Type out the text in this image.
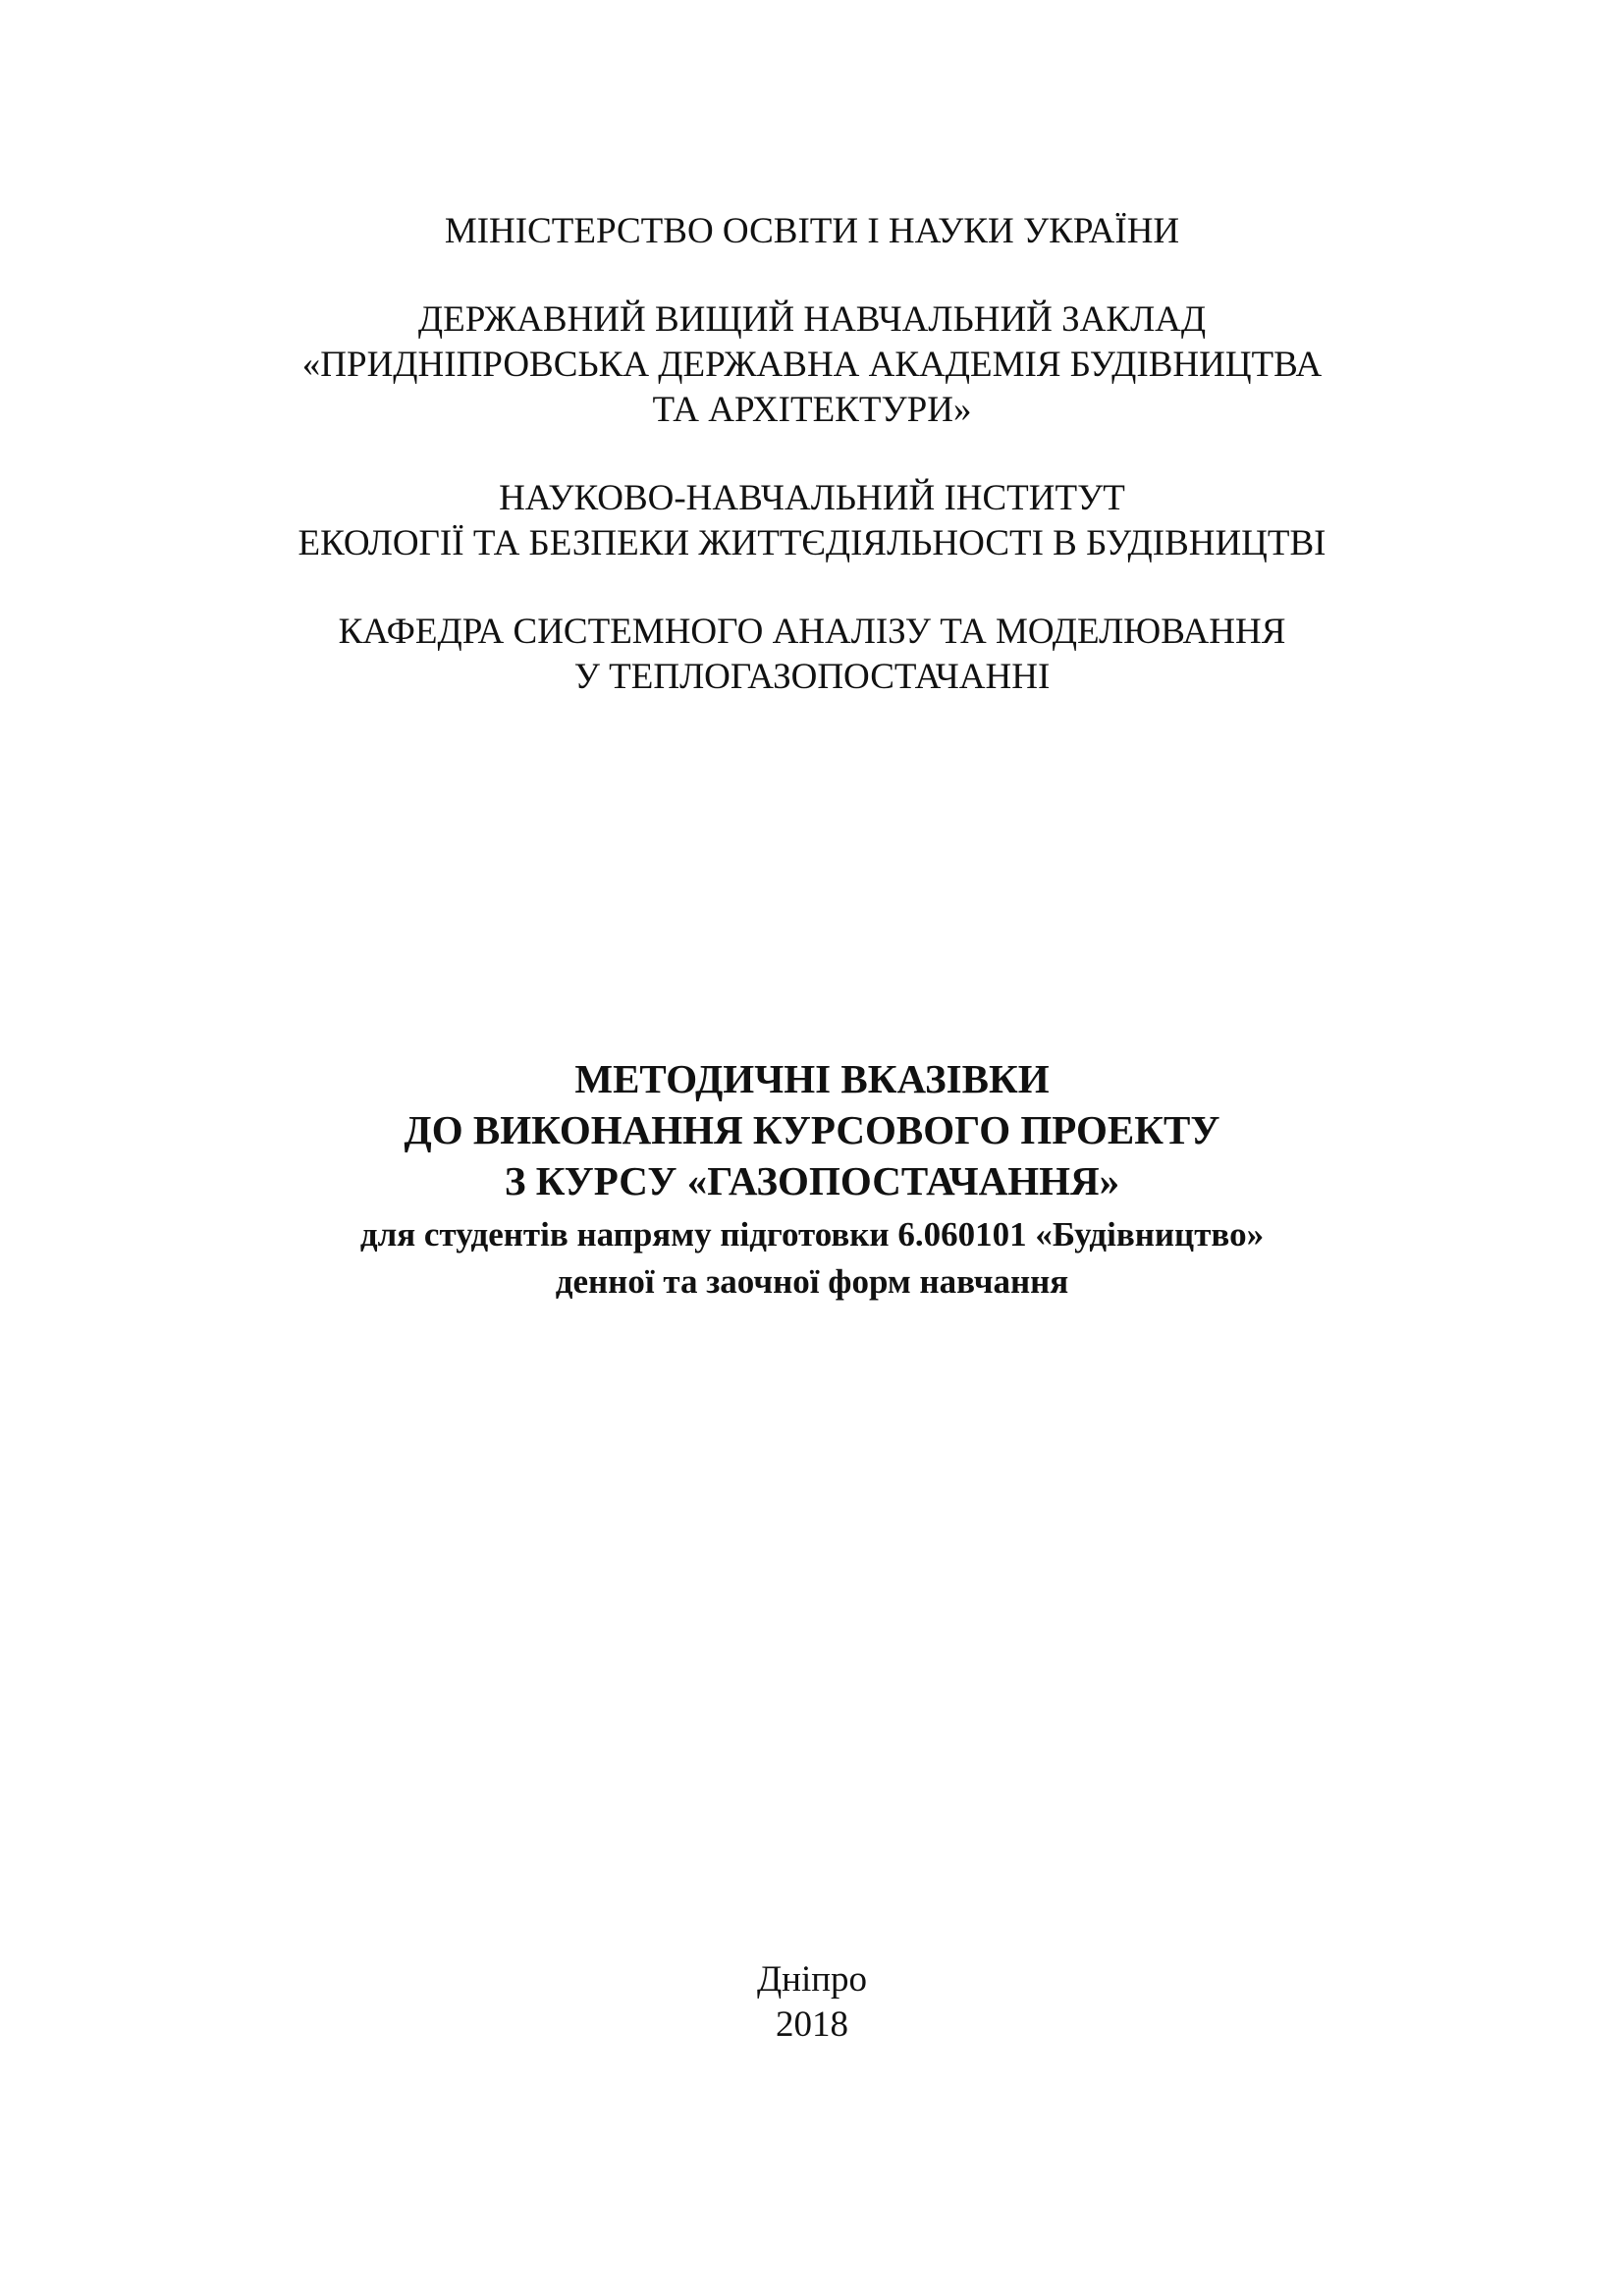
МІНІСТЕРСТВО ОСВІТИ І НАУКИ УКРАЇНИ
ДЕРЖАВНИЙ ВИЩИЙ НАВЧАЛЬНИЙ ЗАКЛАД
«ПРИДНІПРОВСЬКА ДЕРЖАВНА АКАДЕМІЯ БУДІВНИЦТВА
ТА АРХІТЕКТУРИ»
НАУКОВО-НАВЧАЛЬНИЙ ІНСТИТУТ
ЕКОЛОГІЇ ТА БЕЗПЕКИ ЖИТТЄДІЯЛЬНОСТІ В БУДІВНИЦТВІ
КАФЕДРА СИСТЕМНОГО АНАЛІЗУ ТА МОДЕЛЮВАННЯ
У ТЕПЛОГАЗОПОСТАЧАННІ
МЕТОДИЧНІ ВКАЗІВКИ
ДО ВИКОНАННЯ КУРСОВОГО ПРОЕКТУ
З КУРСУ «ГАЗОПОСТАЧАННЯ»
для студентів напряму підготовки 6.060101 «Будівництво»
денної та заочної форм навчання
Дніпро
2018
